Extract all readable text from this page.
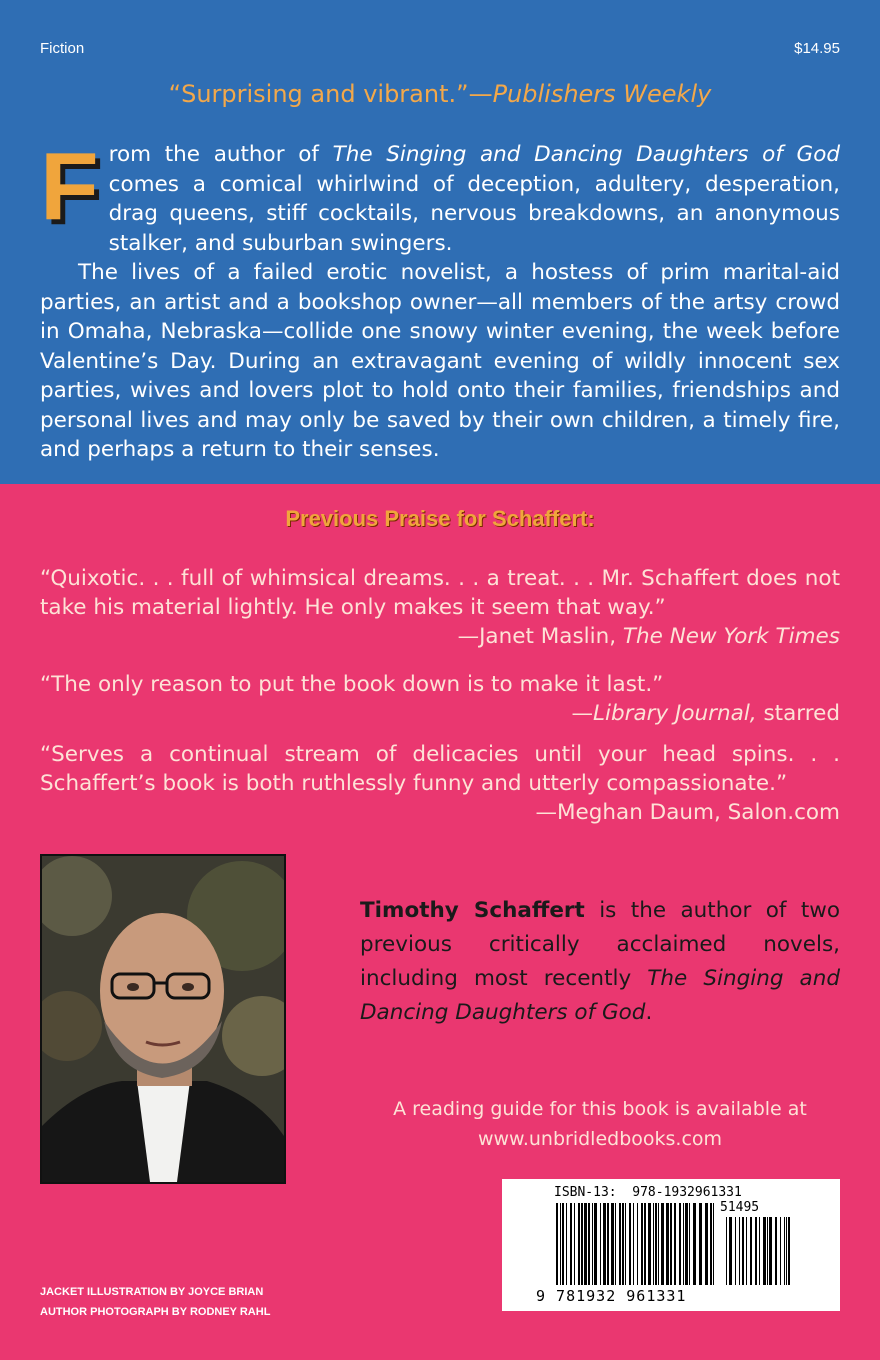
Fiction	$14.95
“Surprising and vibrant.”—Publishers Weekly

From the author of The Singing and Dancing Daughters of God comes a comical whirlwind of deception, adultery, desperation, drag queens, stiff cocktails, nervous breakdowns, an anonymous stalker, and suburban swingers.

The lives of a failed erotic novelist, a hostess of prim marital-aid parties, an artist and a bookshop owner—all members of the artsy crowd in Omaha, Nebraska—collide one snowy winter evening, the week before Valentine’s Day. During an extravagant evening of wildly innocent sex parties, wives and lovers plot to hold onto their families, friendships and personal lives and may only be saved by their own children, a timely fire, and perhaps a return to their senses.

Previous Praise for Schaffert:
“Quixotic. . . full of whimsical dreams. . . a treat. . . Mr. Schaffert does not take his material lightly. He only makes it seem that way.”
—Janet Maslin, The New York Times
“The only reason to put the book down is to make it last.”
—Library Journal, starred
“Serves a continual stream of delicacies until your head spins. . . Schaffert’s book is both ruthlessly funny and utterly compassionate.”
—Meghan Daum, Salon.com
Timothy Schaffert is the author of two previous critically acclaimed novels, including most recently The Singing and Dancing Daughters of God.
A reading guide for this book is available at
www.unbridledbooks.com
JACKET ILLUSTRATION BY JOYCE BRIAN
AUTHOR PHOTOGRAPH BY RODNEY RAHL
ISBN-13:  978-1932961331
51495
9 781932 961331
